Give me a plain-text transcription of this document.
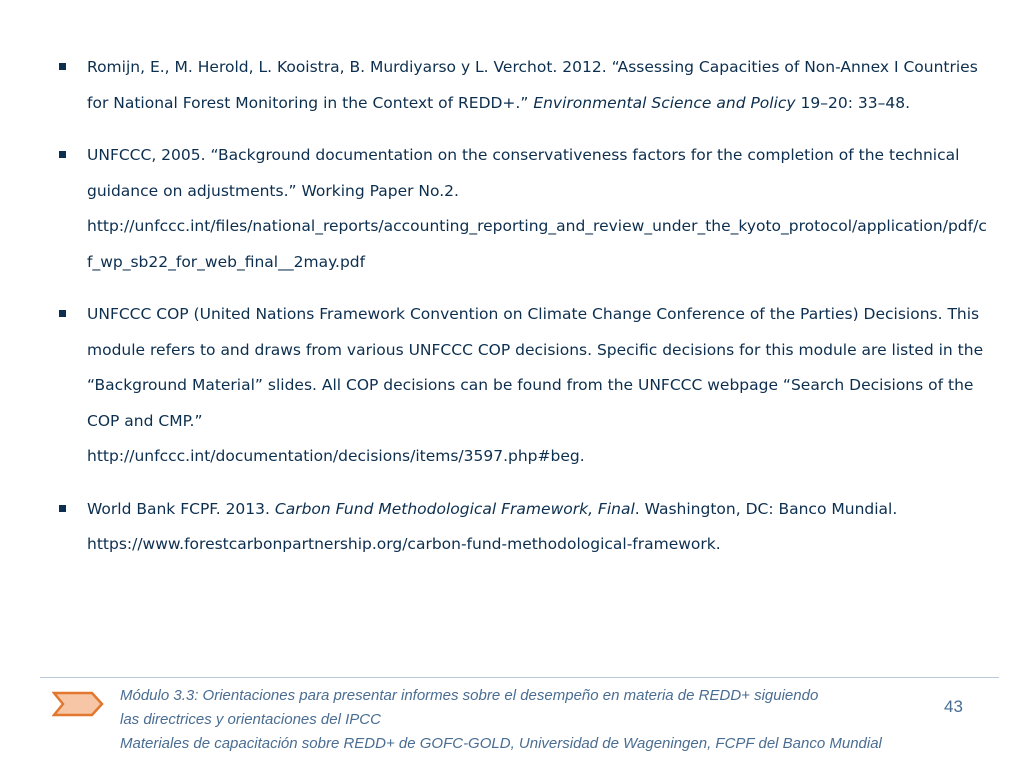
Romijn, E., M. Herold, L. Kooistra, B. Murdiyarso y L. Verchot. 2012. “Assessing Capacities of Non-Annex I Countries for National Forest Monitoring in the Context of REDD+.” Environmental Science and Policy 19–20: 33–48.
UNFCCC, 2005. “Background documentation on the conservativeness factors for the completion of the technical guidance on adjustments.” Working Paper No.2.
http://unfccc.int/files/national_reports/accounting_reporting_and_review_under_the_kyoto_protocol/application/pdf/cf_wp_sb22_for_web_final__2may.pdf
UNFCCC COP (United Nations Framework Convention on Climate Change Conference of the Parties) Decisions. This module refers to and draws from various UNFCCC COP decisions. Specific decisions for this module are listed in the “Background Material” slides. All COP decisions can be found from the UNFCCC webpage “Search Decisions of the COP and CMP.”
http://unfccc.int/documentation/decisions/items/3597.php#beg.
World Bank FCPF. 2013. Carbon Fund Methodological Framework, Final. Washington, DC: Banco Mundial.
https://www.forestcarbonpartnership.org/carbon-fund-methodological-framework.
Módulo 3.3: Orientaciones para presentar informes sobre el desempeño en materia de REDD+ siguiendo
las directrices y orientaciones del IPCC
Materiales de capacitación sobre REDD+ de GOFC-GOLD, Universidad de Wageningen, FCPF del Banco Mundial
43
